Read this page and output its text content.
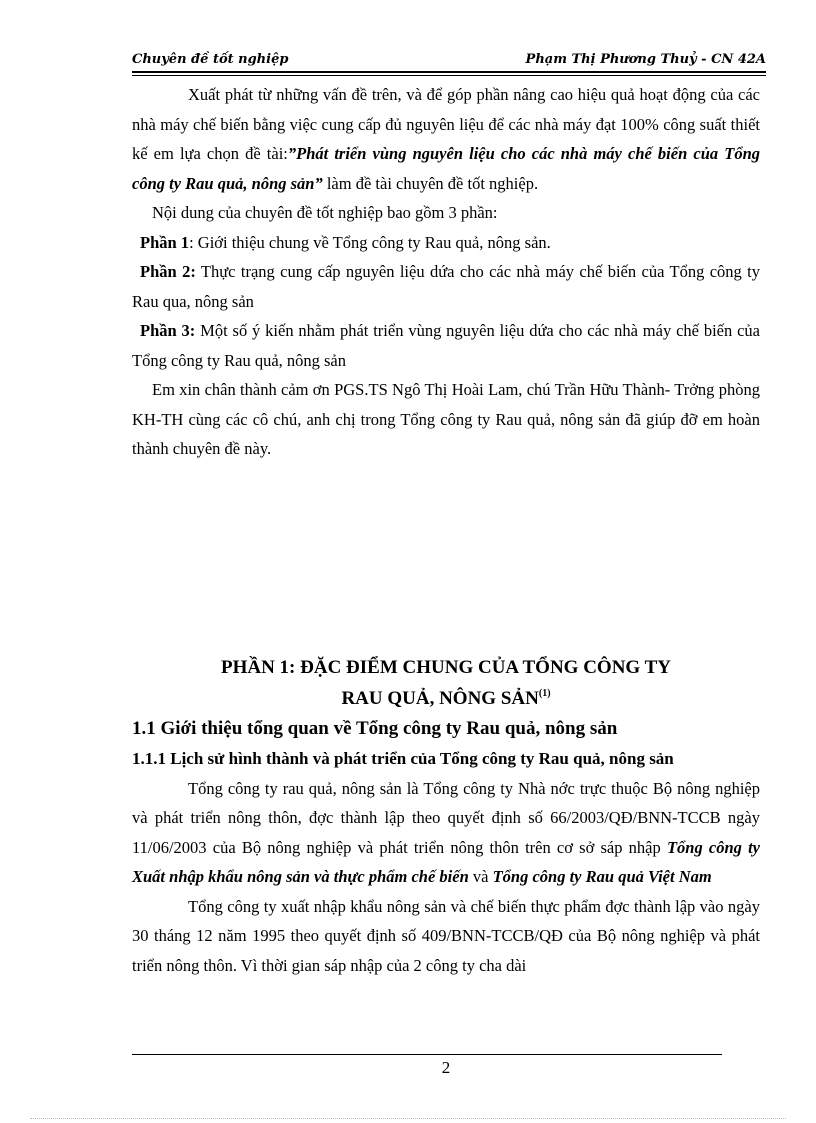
Chuyên đề tốt nghiệp	Phạm Thị Phương Thuỷ - CN 42A

Xuất phát từ những vấn đề trên, và để góp phần nâng cao hiệu quả hoạt động của các nhà máy chế biến bằng việc cung cấp đủ nguyên liệu để các nhà máy đạt 100% công suất thiết kế em lựa chọn đề tài:”Phát triển vùng nguyên liệu cho các nhà máy chế biến của Tổng công ty Rau quả, nông sản” làm đề tài chuyên đề tốt nghiệp.

Nội dung của chuyên đề tốt nghiệp bao gồm 3 phần:

Phần 1: Giới thiệu chung về Tổng công ty Rau quả, nông sản.

Phần 2: Thực trạng cung cấp nguyên liệu dứa cho các nhà máy chế biến của Tổng công ty Rau qua, nông sản

Phần 3: Một số ý kiến nhằm phát triển vùng nguyên liệu dứa cho các nhà máy chế biến của Tổng công ty Rau quả, nông sản

Em xin chân thành cảm ơn PGS.TS Ngô Thị Hoài Lam, chú Trần Hữu Thành- Trởng phòng KH-TH cùng các cô chú, anh chị trong Tổng công ty Rau quả, nông sản đã giúp đỡ em hoàn thành chuyên đề này.

PHẦN 1: ĐẶC ĐIỂM CHUNG CỦA TỔNG CÔNG TY
RAU QUẢ, NÔNG SẢN$^{(1)}$
1.1 Giới thiệu tổng quan về Tổng công ty Rau quả, nông sản
1.1.1 Lịch sử hình thành và phát triển của Tổng công ty Rau quả, nông sản

Tổng công ty rau quả, nông sản là Tổng công ty Nhà nớc trực thuộc Bộ nông nghiệp và phát triển nông thôn, đợc thành lập theo quyết định số 66/2003/QĐ/BNN-TCCB ngày 11/06/2003 của Bộ nông nghiệp và phát triển nông thôn trên cơ sở sáp nhập Tổng công ty Xuất nhập khẩu nông sản và thực phẩm chế biến và Tổng công ty Rau quả Việt Nam

Tổng công ty xuất nhập khẩu nông sản và chế biến thực phẩm đợc thành lập vào ngày 30 tháng 12 năm 1995 theo quyết định số 409/BNN-TCCB/QĐ của Bộ nông nghiệp và phát triển nông thôn. Vì thời gian sáp nhập của 2 công ty cha dài

2
